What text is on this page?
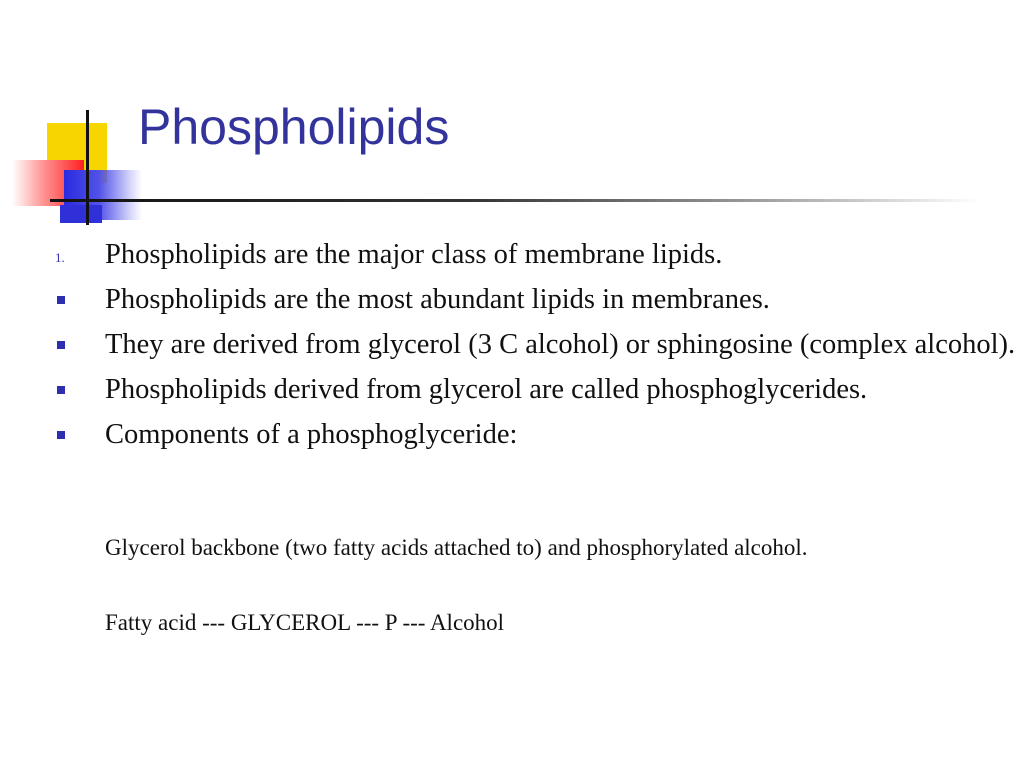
Phospholipids
1. Phospholipids are the major class of membrane lipids.
Phospholipids are the most abundant lipids in membranes.
They are derived from glycerol (3 C alcohol) or sphingosine (complex alcohol).
Phospholipids derived from glycerol are called phosphoglycerides.
Components of a phosphoglyceride:

Glycerol backbone (two fatty acids attached to) and phosphorylated alcohol.

Fatty acid --- GLYCEROL --- P --- Alcohol
